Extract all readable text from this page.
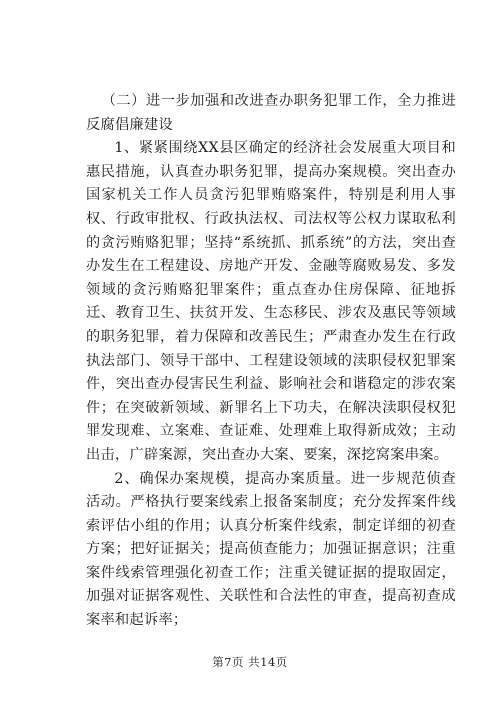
（二）进一步加强和改进查办职务犯罪工作，全力推进反腐倡廉建设

1、紧紧围绕XX县区确定的经济社会发展重大项目和惠民措施，认真查办职务犯罪，提高办案规模。突出查办国家机关工作人员贪污犯罪贿赂案件，特别是利用人事权、行政审批权、行政执法权、司法权等公权力谋取私利的贪污贿赂犯罪；坚持“系统抓、抓系统”的方法，突出查办发生在工程建设、房地产开发、金融等腐败易发、多发领域的贪污贿赂犯罪案件；重点查办住房保障、征地拆迁、教育卫生、扶贫开发、生态移民、涉农及惠民等领域的职务犯罪，着力保障和改善民生；严肃查办发生在行政执法部门、领导干部中、工程建设领域的渎职侵权犯罪案件，突出查办侵害民生利益、影响社会和谐稳定的涉农案件；在突破新领域、新罪名上下功夫，在解决渎职侵权犯罪发现难、立案难、查证难、处理难上取得新成效；主动出击，广辟案源，突出查办大案、要案，深挖窝案串案。

2、确保办案规模，提高办案质量。进一步规范侦查活动。严格执行要案线索上报备案制度；充分发挥案件线索评估小组的作用；认真分析案件线索，制定详细的初查方案；把好证据关；提高侦查能力；加强证据意识；注重案件线索管理强化初查工作；注重关键证据的提取固定，加强对证据客观性、关联性和合法性的审查，提高初查成案率和起诉率；

第7页 共14页
